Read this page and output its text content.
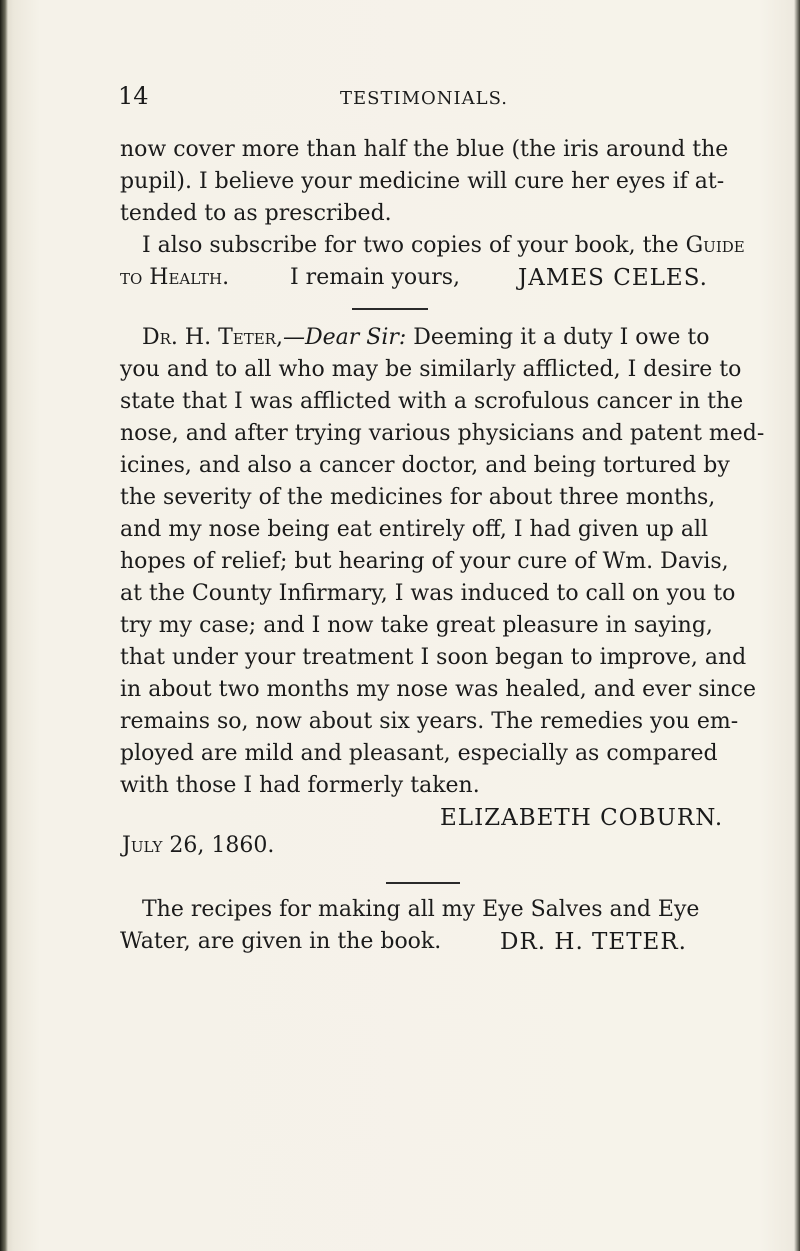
14	TESTIMONIALS.
now cover more than half the blue (the iris around the
pupil). I believe your medicine will cure her eyes if at-
tended to as prescribed.
I also subscribe for two copies of your book, the Guide
to Health.	I remain yours,	JAMES CELES.
Dr. H. Teter,—Dear Sir: Deeming it a duty I owe to
you and to all who may be similarly afflicted, I desire to
state that I was afflicted with a scrofulous cancer in the
nose, and after trying various physicians and patent med-
icines, and also a cancer doctor, and being tortured by
the severity of the medicines for about three months,
and my nose being eat entirely off, I had given up all
hopes of relief; but hearing of your cure of Wm. Davis,
at the County Infirmary, I was induced to call on you to
try my case; and I now take great pleasure in saying,
that under your treatment I soon began to improve, and
in about two months my nose was healed, and ever since
remains so, now about six years. The remedies you em-
ployed are mild and pleasant, especially as compared
with those I had formerly taken.
ELIZABETH COBURN.
July 26, 1860.
The recipes for making all my Eye Salves and Eye
Water, are given in the book.	DR. H. TETER.
